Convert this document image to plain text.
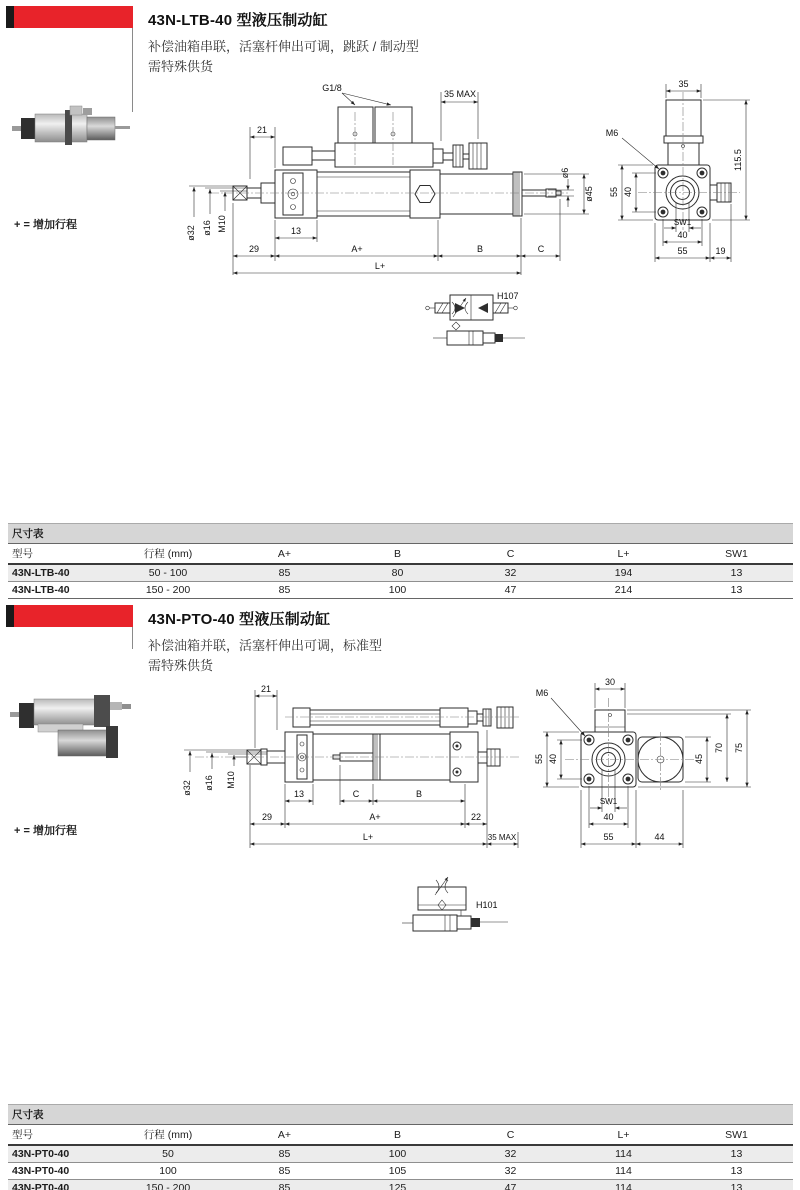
43N-LTB-40 型液压制动缸
补偿油箱串联，活塞杆伸出可调，跳跃 / 制动型
需特殊供货
+ = 增加行程
G1/8
35 MAX
21
ø32 ø16 M10
ø6
ø45
13
29	A+	B	C
L+
35
M6
55 40
115.5
SW1
40
55	19
H107
尺寸表						
型号	行程 (mm)	A+	B	C	L+	SW1
43N-LTB-40	50 - 100	85	80	32	194	13
43N-LTB-40	150 - 200	85	100	47	214	13
43N-PTO-40 型液压制动缸
补偿油箱并联，活塞杆伸出可调，标准型
需特殊供货
+ = 增加行程
21
ø32 ø16 M10
13	C	B
29	A+	22
L+	35 MAX
30
M6
55 40	45
70 75
SW1
40
55	44
H101
尺寸表						
型号	行程 (mm)	A+	B	C	L+	SW1
43N-PT0-40	50	85	100	32	114	13
43N-PT0-40	100	85	105	32	114	13
43N-PT0-40	150 - 200	85	125	47	114	13
